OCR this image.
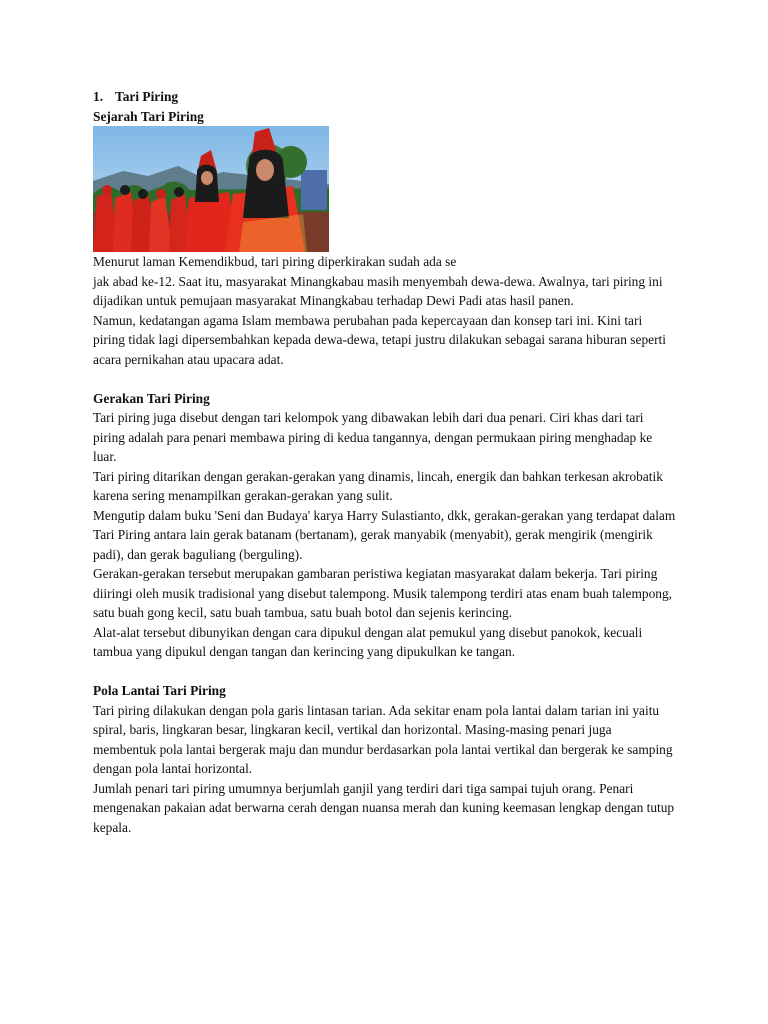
1. Tari Piring

Sejarah Tari Piring

Menurut laman Kemendikbud, tari piring diperkirakan sudah ada se

jak abad ke-12. Saat itu, masyarakat Minangkabau masih menyembah dewa-dewa. Awalnya, tari piring ini dijadikan untuk pemujaan masyarakat Minangkabau terhadap Dewi Padi atas hasil panen.

Namun, kedatangan agama Islam membawa perubahan pada kepercayaan dan konsep tari ini. Kini tari piring tidak lagi dipersembahkan kepada dewa-dewa, tetapi justru dilakukan sebagai sarana hiburan seperti acara pernikahan atau upacara adat.

Gerakan Tari Piring

Tari piring juga disebut dengan tari kelompok yang dibawakan lebih dari dua penari. Ciri khas dari tari piring adalah para penari membawa piring di kedua tangannya, dengan permukaan piring menghadap ke luar.

Tari piring ditarikan dengan gerakan-gerakan yang dinamis, lincah, energik dan bahkan terkesan akrobatik karena sering menampilkan gerakan-gerakan yang sulit.

Mengutip dalam buku 'Seni dan Budaya' karya Harry Sulastianto, dkk, gerakan-gerakan yang terdapat dalam Tari Piring antara lain gerak batanam (bertanam), gerak manyabik (menyabit), gerak mengirik (mengirik padi), dan gerak baguliang (berguling).

Gerakan-gerakan tersebut merupakan gambaran peristiwa kegiatan masyarakat dalam bekerja. Tari piring diiringi oleh musik tradisional yang disebut talempong. Musik talempong terdiri atas enam buah talempong, satu buah gong kecil, satu buah tambua, satu buah botol dan sejenis kerincing.

Alat-alat tersebut dibunyikan dengan cara dipukul dengan alat pemukul yang disebut panokok, kecuali tambua yang dipukul dengan tangan dan kerincing yang dipukulkan ke tangan.

Pola Lantai Tari Piring

Tari piring dilakukan dengan pola garis lintasan tarian. Ada sekitar enam pola lantai dalam tarian ini yaitu spiral, baris, lingkaran besar, lingkaran kecil, vertikal dan horizontal. Masing-masing penari juga membentuk pola lantai bergerak maju dan mundur berdasarkan pola lantai vertikal dan bergerak ke samping dengan pola lantai horizontal.

Jumlah penari tari piring umumnya berjumlah ganjil yang terdiri dari tiga sampai tujuh orang. Penari mengenakan pakaian adat berwarna cerah dengan nuansa merah dan kuning keemasan lengkap dengan tutup kepala.
